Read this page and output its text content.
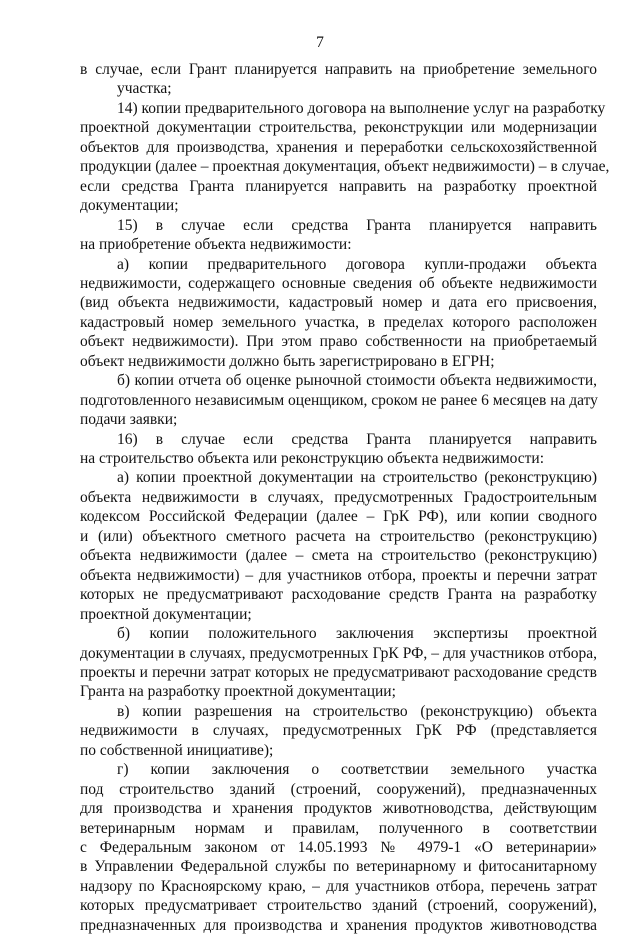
7
в случае, если Грант планируется направить на приобретение земельного
участка;
14) копии предварительного договора на выполнение услуг на разработку
проектной документации строительства, реконструкции или модернизации
объектов для производства, хранения и переработки сельскохозяйственной
продукции (далее – проектная документация, объект недвижимости) – в случае,
если средства Гранта планируется направить на разработку проектной
документации;
15) в случае если средства Гранта планируется направить
на приобретение объекта недвижимости:
а) копии предварительного договора купли-продажи объекта
недвижимости, содержащего основные сведения об объекте недвижимости
(вид объекта недвижимости, кадастровый номер и дата его присвоения,
кадастровый номер земельного участка, в пределах которого расположен
объект недвижимости). При этом право собственности на приобретаемый
объект недвижимости должно быть зарегистрировано в ЕГРН;
б) копии отчета об оценке рыночной стоимости объекта недвижимости,
подготовленного независимым оценщиком, сроком не ранее 6 месяцев на дату
подачи заявки;
16) в случае если средства Гранта планируется направить
на строительство объекта или реконструкцию объекта недвижимости:
а) копии проектной документации на строительство (реконструкцию)
объекта недвижимости в случаях, предусмотренных Градостроительным
кодексом Российской Федерации (далее – ГрК РФ), или копии сводного
и (или) объектного сметного расчета на строительство (реконструкцию)
объекта недвижимости (далее – смета на строительство (реконструкцию)
объекта недвижимости) – для участников отбора, проекты и перечни затрат
которых не предусматривают расходование средств Гранта на разработку
проектной документации;
б) копии положительного заключения экспертизы проектной
документации в случаях, предусмотренных ГрК РФ, – для участников отбора,
проекты и перечни затрат которых не предусматривают расходование средств
Гранта на разработку проектной документации;
в) копии разрешения на строительство (реконструкцию) объекта
недвижимости в случаях, предусмотренных ГрК РФ (представляется
по собственной инициативе);
г) копии заключения о соответствии земельного участка
под строительство зданий (строений, сооружений), предназначенных
для производства и хранения продуктов животноводства, действующим
ветеринарным нормам и правилам, полученного в соответствии
с Федеральным законом от 14.05.1993 № 4979-1 «О ветеринарии»
в Управлении Федеральной службы по ветеринарному и фитосанитарному
надзору по Красноярскому краю, – для участников отбора, перечень затрат
которых предусматривает строительство зданий (строений, сооружений),
предназначенных для производства и хранения продуктов животноводства
